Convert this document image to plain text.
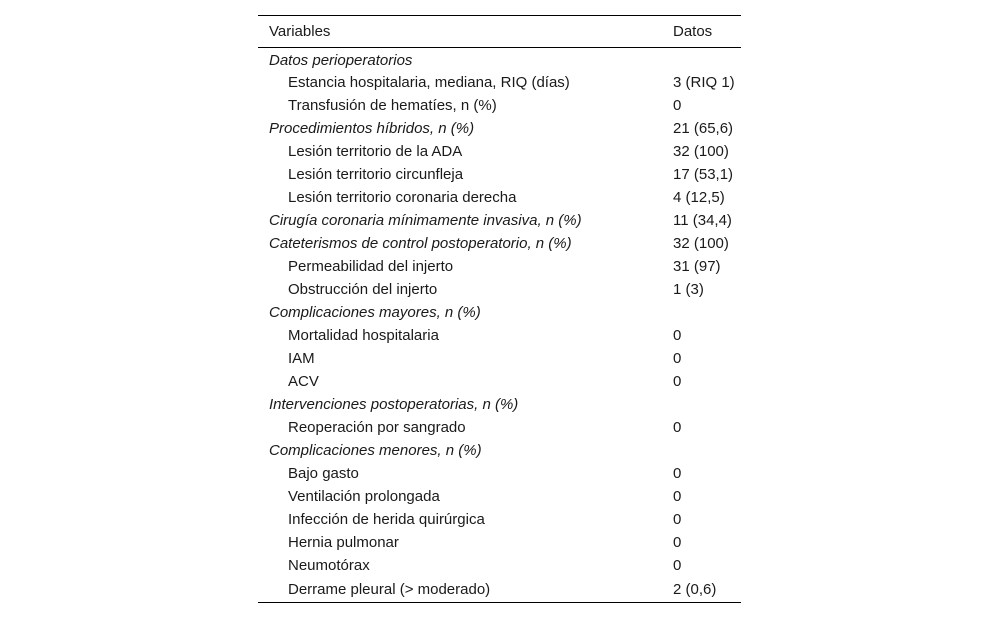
Variables	Datos
Datos perioperatorios	
Estancia hospitalaria, mediana, RIQ (días)	3 (RIQ 1)
Transfusión de hematíes, n (%)	0
Procedimientos híbridos, n (%)	21 (65,6)
Lesión territorio de la ADA	32 (100)
Lesión territorio circunfleja	17 (53,1)
Lesión territorio coronaria derecha	4 (12,5)
Cirugía coronaria mínimamente invasiva, n (%)	11 (34,4)
Cateterismos de control postoperatorio, n (%)	32 (100)
Permeabilidad del injerto	31 (97)
Obstrucción del injerto	1 (3)
Complicaciones mayores, n (%)	
Mortalidad hospitalaria	0
IAM	0
ACV	0
Intervenciones postoperatorias, n (%)	
Reoperación por sangrado	0
Complicaciones menores, n (%)	
Bajo gasto	0
Ventilación prolongada	0
Infección de herida quirúrgica	0
Hernia pulmonar	0
Neumotórax	0
Derrame pleural (> moderado)	2 (0,6)
